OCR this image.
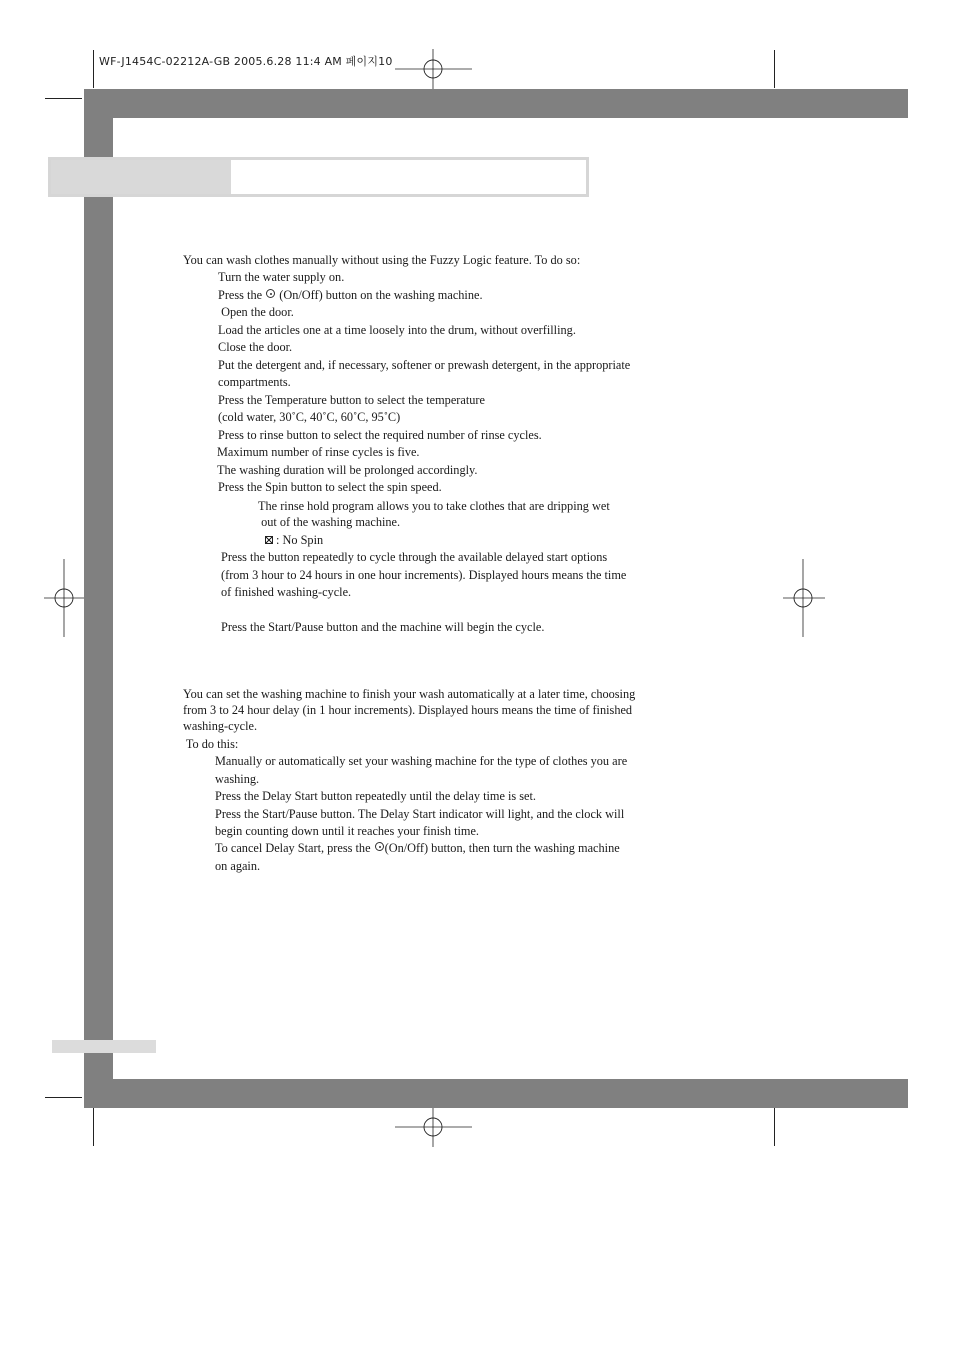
WF-J1454C-02212A-GB 2005.6.28 11:4 AM 페이지10
You can wash clothes manually without using the Fuzzy Logic feature. To do so:
Turn the water supply on.
Press the (On/Off) button on the washing machine.
Open the door.
Load the articles one at a time loosely into the drum, without overfilling.
Close the door.
Put the detergent and, if necessary, softener or prewash detergent, in the appropriate
compartments.
Press the Temperature button to select the temperature
(cold water, 30˚C, 40˚C, 60˚C, 95˚C)
Press to rinse button to select the required number of rinse cycles.
Maximum number of rinse cycles is five.
The washing duration will be prolonged accordingly.
Press the Spin button to select the spin speed.
The rinse hold program allows you to take clothes that are dripping wet
out of the washing machine.
: No Spin
Press the button repeatedly to cycle through the available delayed start options
(from 3 hour to 24 hours in one hour increments). Displayed hours means the time
of finished washing-cycle.
Press the Start/Pause button and the machine will begin the cycle.
You can set the washing machine to finish your wash automatically at a later time, choosing
from 3 to 24 hour delay (in 1 hour increments). Displayed hours means the time of finished
washing-cycle.
To do this:
Manually or automatically set your washing machine for the type of clothes you are
washing.
Press the Delay Start button repeatedly until the delay time is set.
Press the Start/Pause button. The Delay Start indicator will light, and the clock will
begin counting down until it reaches your finish time.
To cancel Delay Start, press the (On/Off) button, then turn the washing machine
on again.
